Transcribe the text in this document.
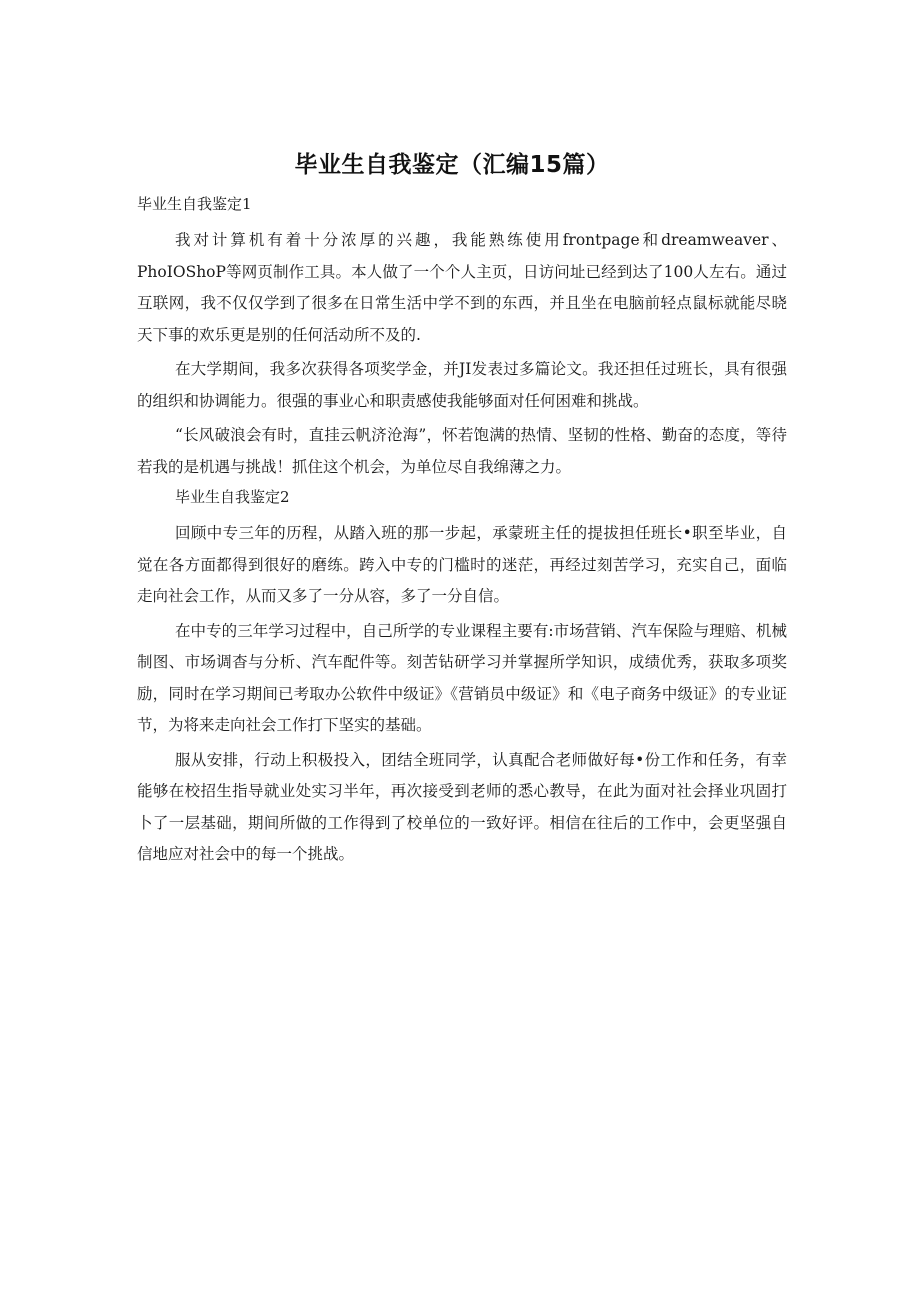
毕业生自我鉴定（汇编15篇）
毕业生自我鉴定1

我对计算机有着十分浓厚的兴趣，我能熟练使用frontpage和dreamweaver、PhoIOShoP等网页制作工具。本人做了一个个人主页，日访问址已经到达了100人左右。通过互联网，我不仅仅学到了很多在日常生活中学不到的东西，并且坐在电脑前轻点鼠标就能尽晓天下事的欢乐更是别的任何活动所不及的.

在大学期间，我多次获得各项奖学金，并JI发表过多篇论文。我还担任过班长，具有很强的组织和协调能力。很强的事业心和职责感使我能够面对任何困难和挑战。

“长风破浪会有时，直挂云帆济沧海”，怀若饱满的热情、坚韧的性格、勤奋的态度，等待若我的是机遇与挑战！抓住这个机会，为单位尽自我绵薄之力。

毕业生自我鉴定2

回顾中专三年的历程，从踏入班的那一步起，承蒙班主任的提拔担任班长•职至毕业，自觉在各方面都得到很好的磨练。跨入中专的门槛时的迷茫，再经过刻苦学习，充实自己，面临走向社会工作，从而又多了一分从容，多了一分自信。

在中专的三年学习过程中，自己所学的专业课程主要有:市场营销、汽车保险与理赔、机械制图、市场调杳与分析、汽车配件等。刻苦钻研学习并掌握所学知识，成绩优秀，获取多项奖励，同时在学习期间已考取办公软件中级证》《营销员中级证》和《电子商务中级证》的专业证节，为将来走向社会工作打下坚实的基础。

服从安排，行动上积极投入，团结全班同学，认真配合老师做好每•份工作和任务，有幸能够在校招生指导就业处实习半年，再次接受到老师的悉心教导，在此为面对社会择业巩固打卜了一层基础，期间所做的工作得到了校单位的一致好评。相信在往后的工作中，会更坚强自信地应对社会中的每一个挑战。
